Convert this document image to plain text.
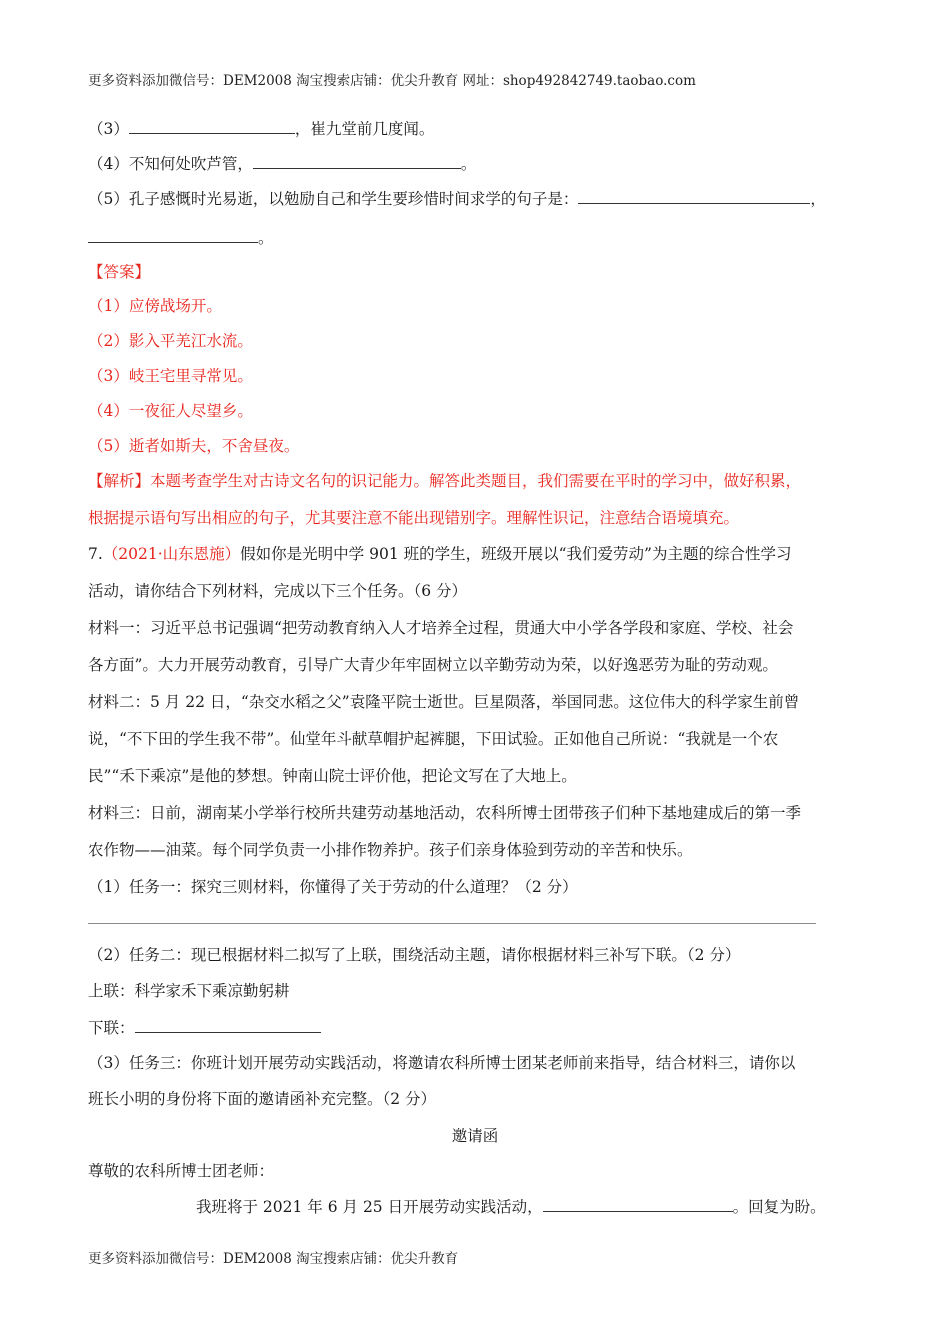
更多资料添加微信号：DEM2008 淘宝搜索店铺：优尖升教育 网址：shop492842749.taobao.com
（3）	，崔九堂前几度闻。
（4）不知何处吹芦管，	。
（5）孔子感慨时光易逝，以勉励自己和学生要珍惜时间求学的句子是：	，
。
【答案】
（1）应傍战场开。
（2）影入平羌江水流。
（3）岐王宅里寻常见。
（4）一夜征人尽望乡。
（5）逝者如斯夫，不舍昼夜。
【解析】本题考查学生对古诗文名句的识记能力。解答此类题目，我们需要在平时的学习中，做好积累，
根据提示语句写出相应的句子，尤其要注意不能出现错别字。理解性识记，注意结合语境填充。
7.（2021·山东恩施）假如你是光明中学 901 班的学生，班级开展以“我们爱劳动”为主题的综合性学习
活动，请你结合下列材料，完成以下三个任务。（6 分）
材料一：习近平总书记强调“把劳动教育纳入人才培养全过程，贯通大中小学各学段和家庭、学校、社会
各方面”。大力开展劳动教育，引导广大青少年牢固树立以辛勤劳动为荣，以好逸恶劳为耻的劳动观。
材料二：5 月 22 日，“杂交水稻之父”袁隆平院士逝世。巨星陨落，举国同悲。这位伟大的科学家生前曾
说，“不下田的学生我不带”。仙堂年斗献草帽护起裤腿，下田试验。正如他自己所说：“我就是一个农
民”“禾下乘凉”是他的梦想。钟南山院士评价他，把论文写在了大地上。
材料三：日前，湖南某小学举行校所共建劳动基地活动，农科所博士团带孩子们种下基地建成后的第一季
农作物——油菜。每个同学负责一小排作物养护。孩子们亲身体验到劳动的辛苦和快乐。
（1）任务一：探究三则材料，你懂得了关于劳动的什么道理？（2 分）
（2）任务二：现已根据材料二拟写了上联，围绕活动主题，请你根据材料三补写下联。（2 分）
上联：科学家禾下乘凉勤躬耕
下联：
（3）任务三：你班计划开展劳动实践活动，将邀请农科所博士团某老师前来指导，结合材料三，请你以
班长小明的身份将下面的邀请函补充完整。（2 分）
邀请函
尊敬的农科所博士团老师：
我班将于 2021 年 6 月 25 日开展劳动实践活动，	。回复为盼。
更多资料添加微信号：DEM2008 淘宝搜索店铺：优尖升教育
